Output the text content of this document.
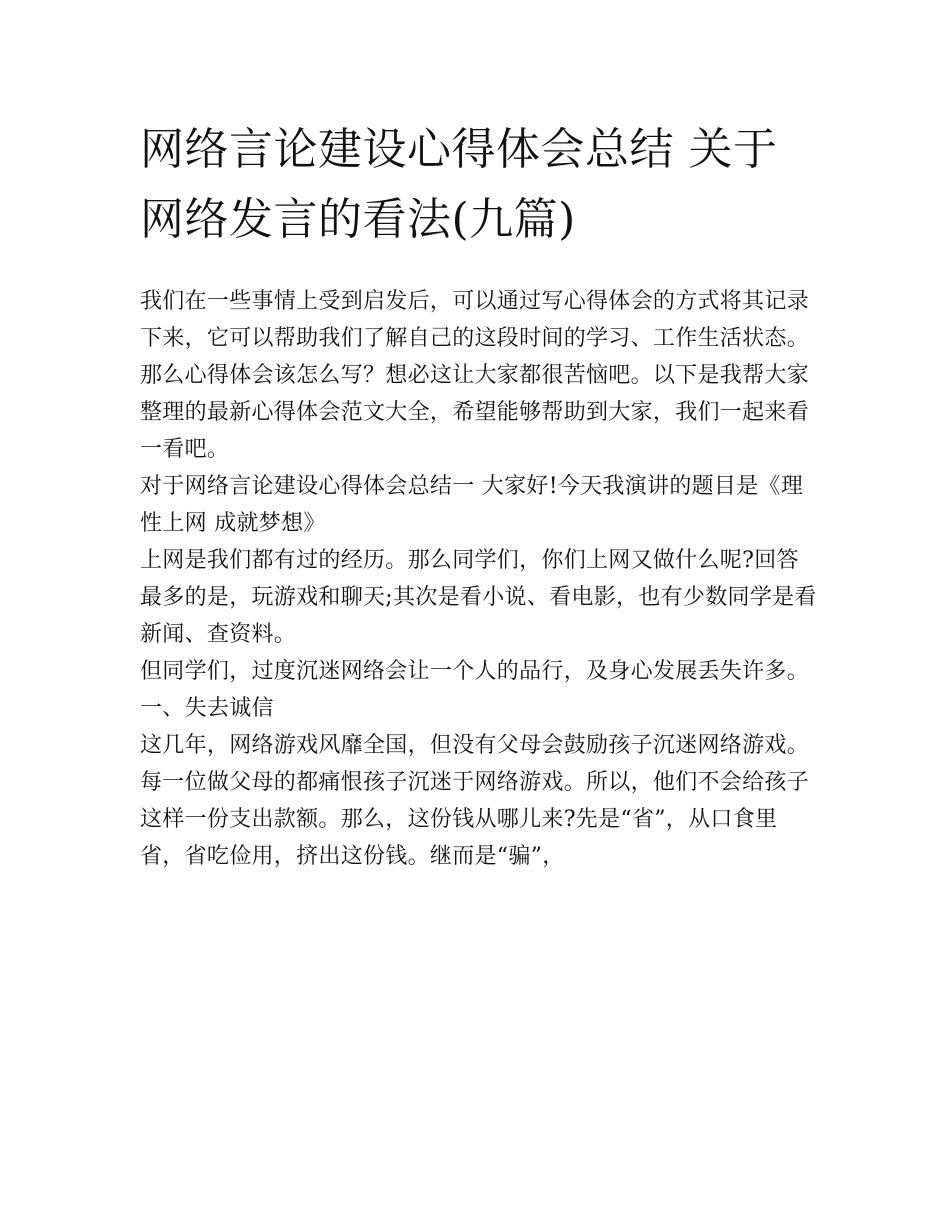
网络言论建设心得体会总结 关于网络发言的看法(九篇)

我们在一些事情上受到启发后，可以通过写心得体会的方式将其记录下来，它可以帮助我们了解自己的这段时间的学习、工作生活状态。那么心得体会该怎么写？想必这让大家都很苦恼吧。以下是我帮大家整理的最新心得体会范文大全，希望能够帮助到大家，我们一起来看一看吧。

对于网络言论建设心得体会总结一 大家好!今天我演讲的题目是《理性上网 成就梦想》

上网是我们都有过的经历。那么同学们，你们上网又做什么呢?回答最多的是，玩游戏和聊天;其次是看小说、看电影，也有少数同学是看新闻、查资料。

但同学们，过度沉迷网络会让一个人的品行，及身心发展丢失许多。 一、失去诚信

这几年，网络游戏风靡全国，但没有父母会鼓励孩子沉迷网络游戏。每一位做父母的都痛恨孩子沉迷于网络游戏。所以，他们不会给孩子这样一份支出款额。那么，这份钱从哪儿来?先是“省”，从口食里省，省吃俭用，挤出这份钱。继而是“骗”，
